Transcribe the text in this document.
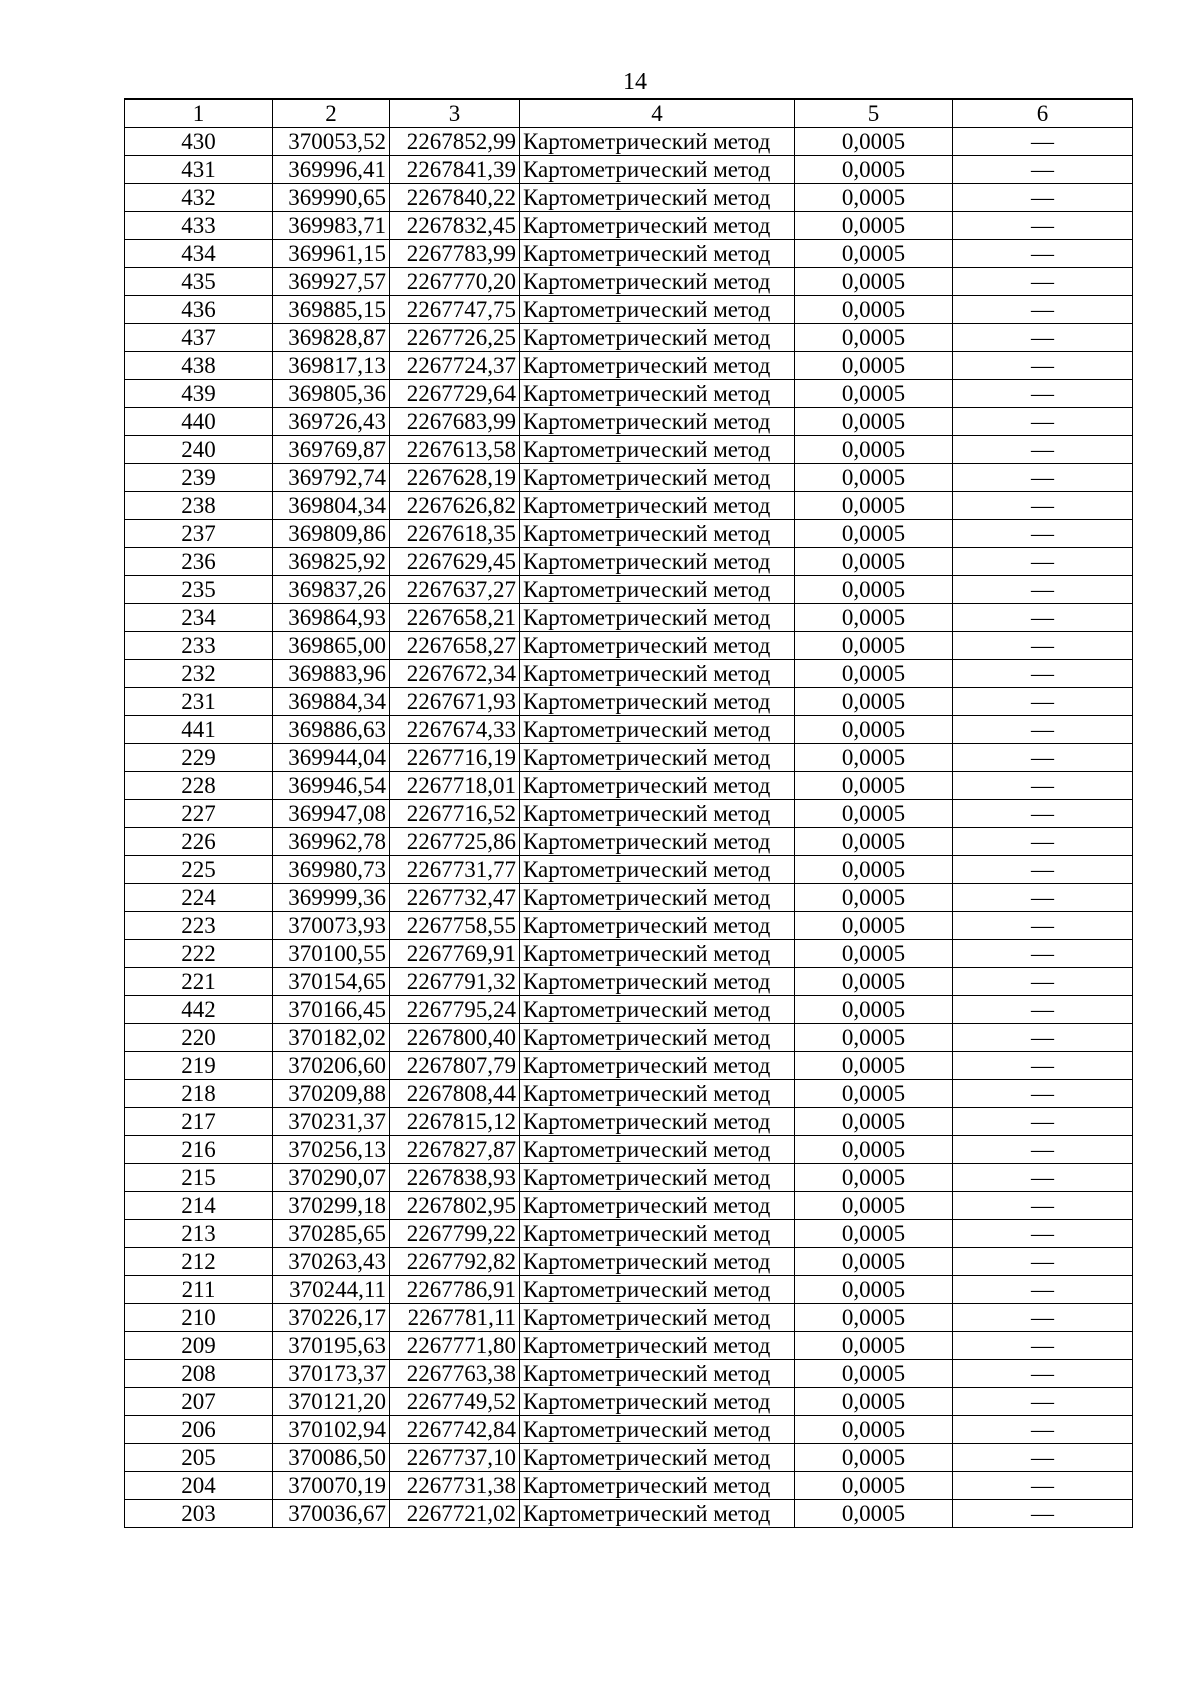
14
1	2	3	4	5	6
430	370053,52	2267852,99	Картометрический метод	0,0005	—
431	369996,41	2267841,39	Картометрический метод	0,0005	—
432	369990,65	2267840,22	Картометрический метод	0,0005	—
433	369983,71	2267832,45	Картометрический метод	0,0005	—
434	369961,15	2267783,99	Картометрический метод	0,0005	—
435	369927,57	2267770,20	Картометрический метод	0,0005	—
436	369885,15	2267747,75	Картометрический метод	0,0005	—
437	369828,87	2267726,25	Картометрический метод	0,0005	—
438	369817,13	2267724,37	Картометрический метод	0,0005	—
439	369805,36	2267729,64	Картометрический метод	0,0005	—
440	369726,43	2267683,99	Картометрический метод	0,0005	—
240	369769,87	2267613,58	Картометрический метод	0,0005	—
239	369792,74	2267628,19	Картометрический метод	0,0005	—
238	369804,34	2267626,82	Картометрический метод	0,0005	—
237	369809,86	2267618,35	Картометрический метод	0,0005	—
236	369825,92	2267629,45	Картометрический метод	0,0005	—
235	369837,26	2267637,27	Картометрический метод	0,0005	—
234	369864,93	2267658,21	Картометрический метод	0,0005	—
233	369865,00	2267658,27	Картометрический метод	0,0005	—
232	369883,96	2267672,34	Картометрический метод	0,0005	—
231	369884,34	2267671,93	Картометрический метод	0,0005	—
441	369886,63	2267674,33	Картометрический метод	0,0005	—
229	369944,04	2267716,19	Картометрический метод	0,0005	—
228	369946,54	2267718,01	Картометрический метод	0,0005	—
227	369947,08	2267716,52	Картометрический метод	0,0005	—
226	369962,78	2267725,86	Картометрический метод	0,0005	—
225	369980,73	2267731,77	Картометрический метод	0,0005	—
224	369999,36	2267732,47	Картометрический метод	0,0005	—
223	370073,93	2267758,55	Картометрический метод	0,0005	—
222	370100,55	2267769,91	Картометрический метод	0,0005	—
221	370154,65	2267791,32	Картометрический метод	0,0005	—
442	370166,45	2267795,24	Картометрический метод	0,0005	—
220	370182,02	2267800,40	Картометрический метод	0,0005	—
219	370206,60	2267807,79	Картометрический метод	0,0005	—
218	370209,88	2267808,44	Картометрический метод	0,0005	—
217	370231,37	2267815,12	Картометрический метод	0,0005	—
216	370256,13	2267827,87	Картометрический метод	0,0005	—
215	370290,07	2267838,93	Картометрический метод	0,0005	—
214	370299,18	2267802,95	Картометрический метод	0,0005	—
213	370285,65	2267799,22	Картометрический метод	0,0005	—
212	370263,43	2267792,82	Картометрический метод	0,0005	—
211	370244,11	2267786,91	Картометрический метод	0,0005	—
210	370226,17	2267781,11	Картометрический метод	0,0005	—
209	370195,63	2267771,80	Картометрический метод	0,0005	—
208	370173,37	2267763,38	Картометрический метод	0,0005	—
207	370121,20	2267749,52	Картометрический метод	0,0005	—
206	370102,94	2267742,84	Картометрический метод	0,0005	—
205	370086,50	2267737,10	Картометрический метод	0,0005	—
204	370070,19	2267731,38	Картометрический метод	0,0005	—
203	370036,67	2267721,02	Картометрический метод	0,0005	—
